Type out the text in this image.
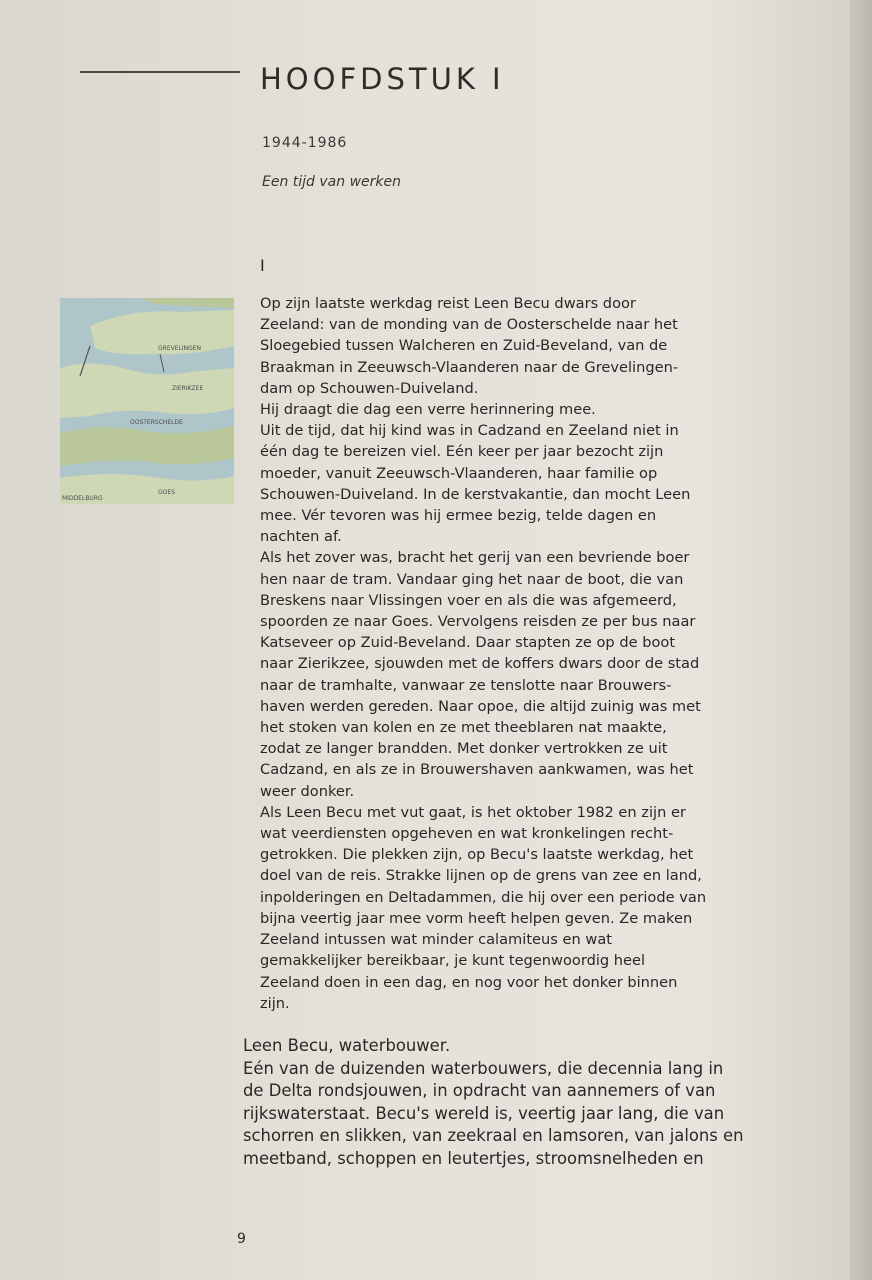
HOOFDSTUK I
1944-1986
Een tijd van werken
I
GREVELINGEN
ZIERIKZEE
OOSTERSCHELDE
MIDDELBURG
GOES

Op zijn laatste werkdag reist Leen Becu dwars door
Zeeland: van de monding van de Oosterschelde naar het
Sloegebied tussen Walcheren en Zuid-Beveland, van de
Braakman in Zeeuwsch-Vlaanderen naar de Grevelingen-
dam op Schouwen-Duiveland.
Hij draagt die dag een verre herinnering mee.
Uit de tijd, dat hij kind was in Cadzand en Zeeland niet in
één dag te bereizen viel. Eén keer per jaar bezocht zijn
moeder, vanuit Zeeuwsch-Vlaanderen, haar familie op
Schouwen-Duiveland. In de kerstvakantie, dan mocht Leen
mee. Vér tevoren was hij ermee bezig, telde dagen en
nachten af.
Als het zover was, bracht het gerij van een bevriende boer
hen naar de tram. Vandaar ging het naar de boot, die van
Breskens naar Vlissingen voer en als die was afgemeerd,
spoorden ze naar Goes. Vervolgens reisden ze per bus naar
Katseveer op Zuid-Beveland. Daar stapten ze op de boot
naar Zierikzee, sjouwden met de koffers dwars door de stad
naar de tramhalte, vanwaar ze tenslotte naar Brouwers-
haven werden gereden. Naar opoe, die altijd zuinig was met
het stoken van kolen en ze met theeblaren nat maakte,
zodat ze langer brandden. Met donker vertrokken ze uit
Cadzand, en als ze in Brouwershaven aankwamen, was het
weer donker.
Als Leen Becu met vut gaat, is het oktober 1982 en zijn er
wat veerdiensten opgeheven en wat kronkelingen recht-
getrokken. Die plekken zijn, op Becu's laatste werkdag, het
doel van de reis. Strakke lijnen op de grens van zee en land,
inpolderingen en Deltadammen, die hij over een periode van
bijna veertig jaar mee vorm heeft helpen geven. Ze maken
Zeeland intussen wat minder calamiteus en wat
gemakkelijker bereikbaar, je kunt tegenwoordig heel
Zeeland doen in een dag, en nog voor het donker binnen
zijn.

Leen Becu, waterbouwer.
Eén van de duizenden waterbouwers, die decennia lang in
de Delta rondsjouwen, in opdracht van aannemers of van
rijkswaterstaat. Becu's wereld is, veertig jaar lang, die van
schorren en slikken, van zeekraal en lamsoren, van jalons en
meetband, schoppen en leutertjes, stroomsnelheden en

9
